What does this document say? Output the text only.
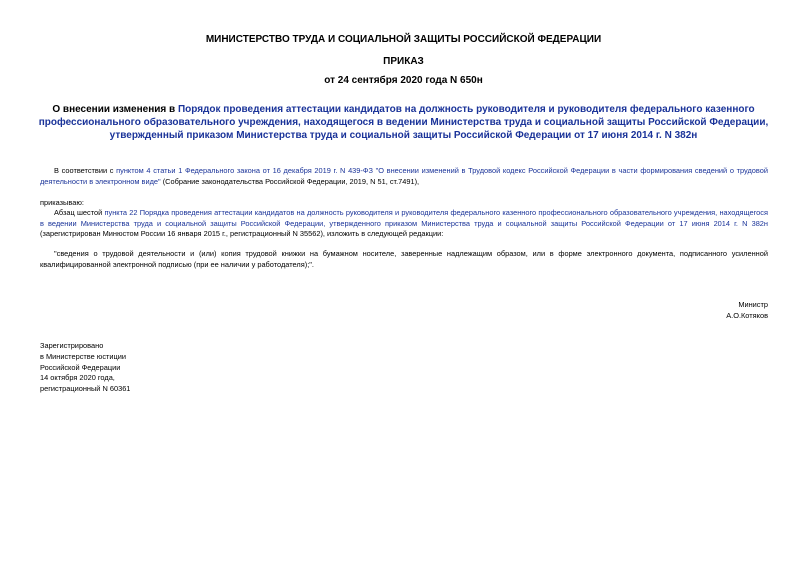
МИНИСТЕРСТВО ТРУДА И СОЦИАЛЬНОЙ ЗАЩИТЫ РОССИЙСКОЙ ФЕДЕРАЦИИ
ПРИКАЗ
от 24 сентября 2020 года N 650н
О внесении изменения в Порядок проведения аттестации кандидатов на должность руководителя и руководителя федерального казенного профессионального образовательного учреждения, находящегося в ведении Министерства труда и социальной защиты Российской Федерации, утвержденный приказом Министерства труда и социальной защиты Российской Федерации от 17 июня 2014 г. N 382н
В соответствии с пунктом 4 статьи 1 Федерального закона от 16 декабря 2019 г. N 439-ФЗ "О внесении изменений в Трудовой кодекс Российской Федерации в части формирования сведений о трудовой деятельности в электронном виде" (Собрание законодательства Российской Федерации, 2019, N 51, ст.7491),
приказываю:
Абзац шестой пункта 22 Порядка проведения аттестации кандидатов на должность руководителя и руководителя федерального казенного профессионального образовательного учреждения, находящегося в ведении Министерства труда и социальной защиты Российской Федерации, утвержденного приказом Министерства труда и социальной защиты Российской Федерации от 17 июня 2014 г. N 382н (зарегистрирован Минюстом России 16 января 2015 г., регистрационный N 35562), изложить в следующей редакции:
"сведения о трудовой деятельности и (или) копия трудовой книжки на бумажном носителе, заверенные надлежащим образом, или в форме электронного документа, подписанного усиленной квалифицированной электронной подписью (при ее наличии у работодателя);".
Министр
А.О.Котяков
Зарегистрировано
в Министерстве юстиции
Российской Федерации
14 октября 2020 года,
регистрационный N 60361
